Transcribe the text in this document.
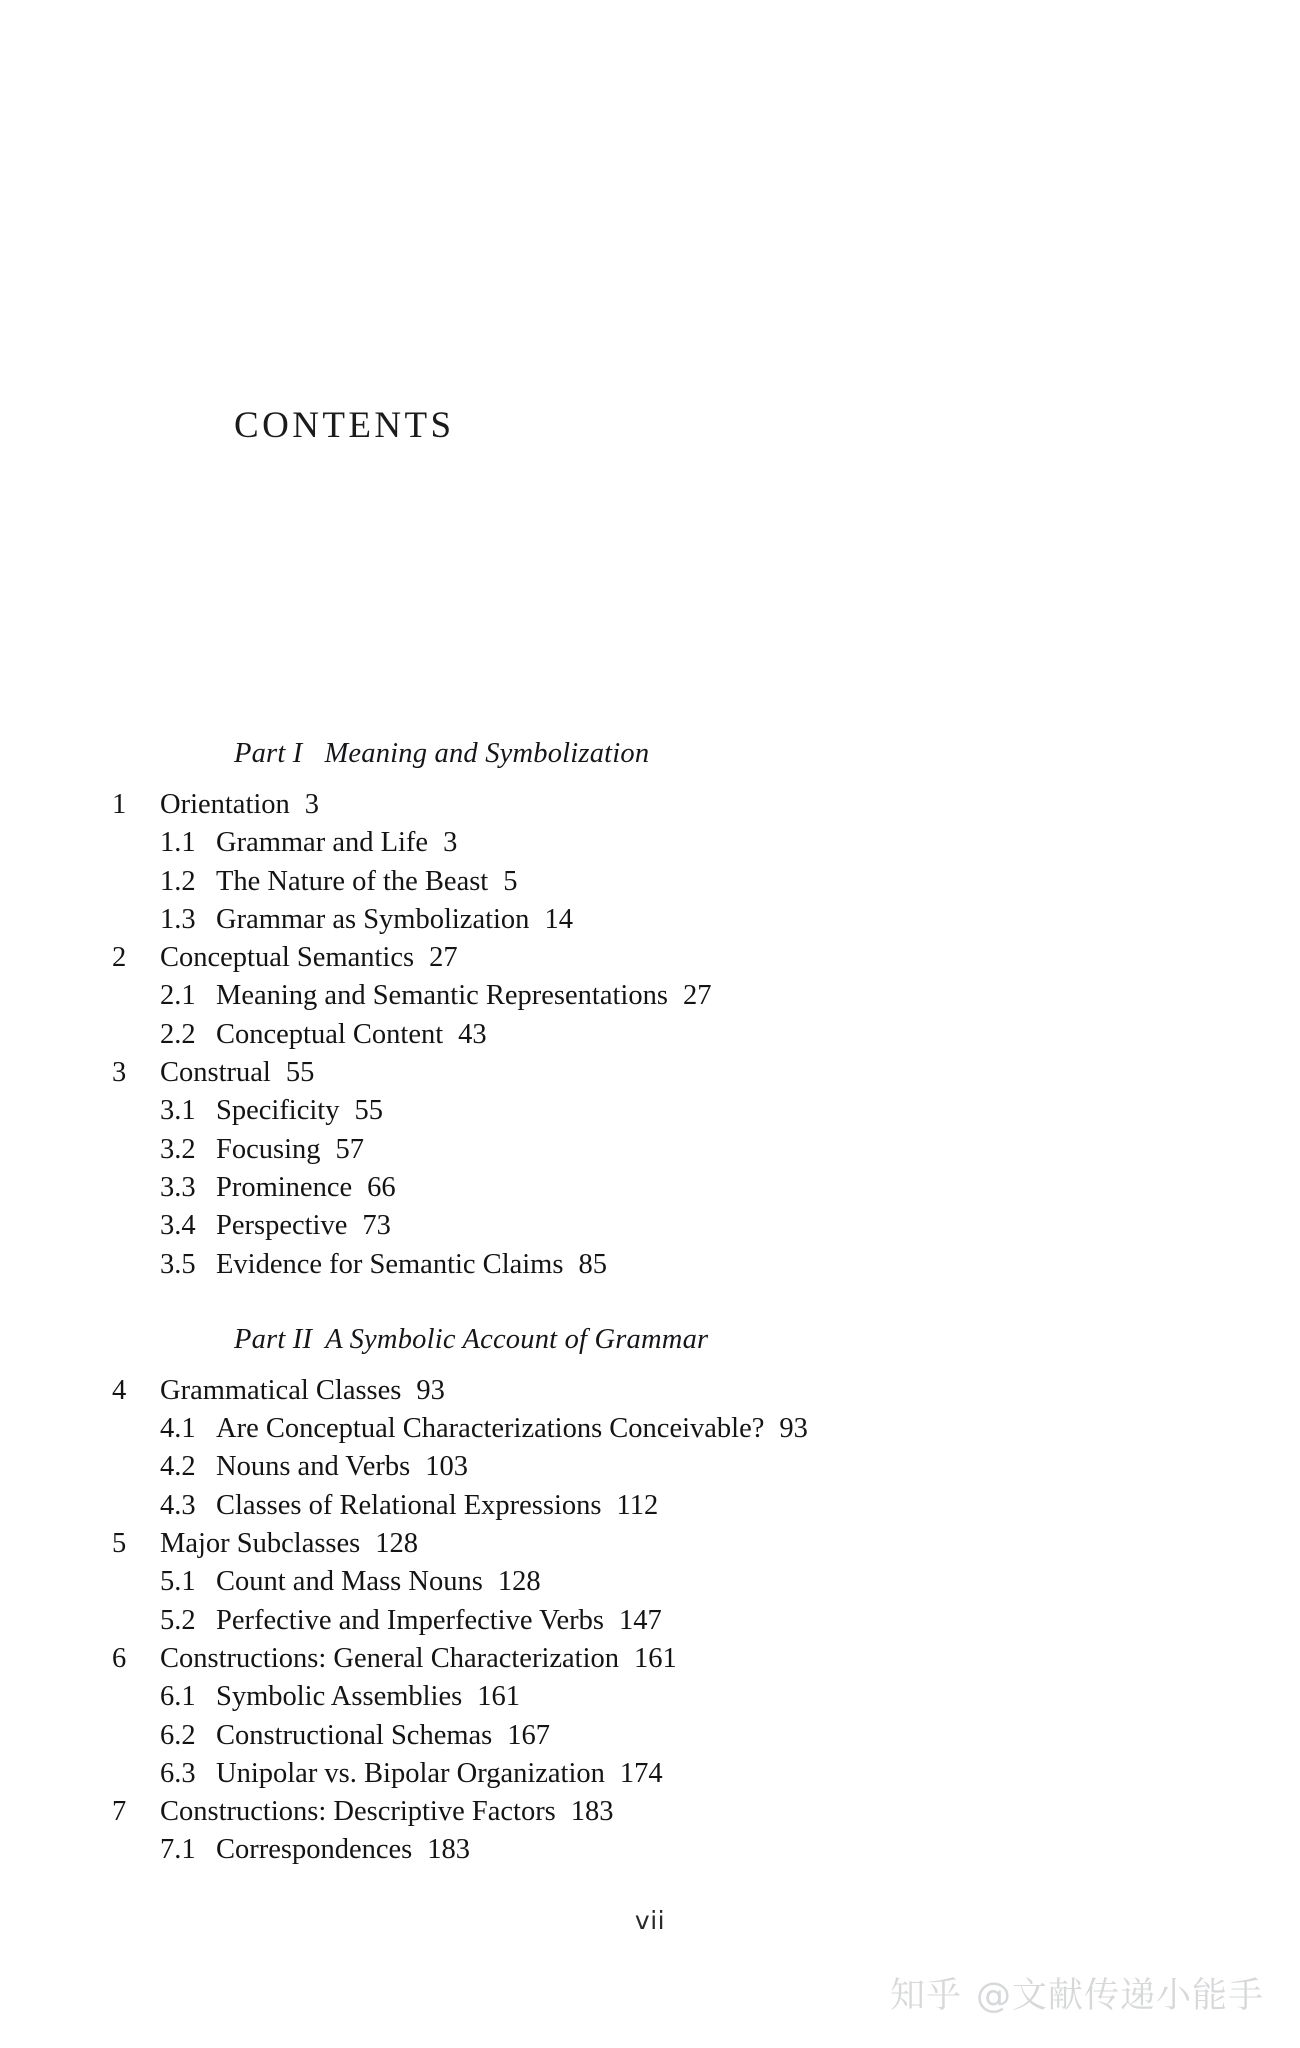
CONTENTS
Part I Meaning and Symbolization
1 Orientation 3
1.1 Grammar and Life 3
1.2 The Nature of the Beast 5
1.3 Grammar as Symbolization 14
2 Conceptual Semantics 27
2.1 Meaning and Semantic Representations 27
2.2 Conceptual Content 43
3 Construal 55
3.1 Specificity 55
3.2 Focusing 57
3.3 Prominence 66
3.4 Perspective 73
3.5 Evidence for Semantic Claims 85
Part II A Symbolic Account of Grammar
4 Grammatical Classes 93
4.1 Are Conceptual Characterizations Conceivable? 93
4.2 Nouns and Verbs 103
4.3 Classes of Relational Expressions 112
5 Major Subclasses 128
5.1 Count and Mass Nouns 128
5.2 Perfective and Imperfective Verbs 147
6 Constructions: General Characterization 161
6.1 Symbolic Assemblies 161
6.2 Constructional Schemas 167
6.3 Unipolar vs. Bipolar Organization 174
7 Constructions: Descriptive Factors 183
7.1 Correspondences 183
vii
知乎 @文献传递小能手
